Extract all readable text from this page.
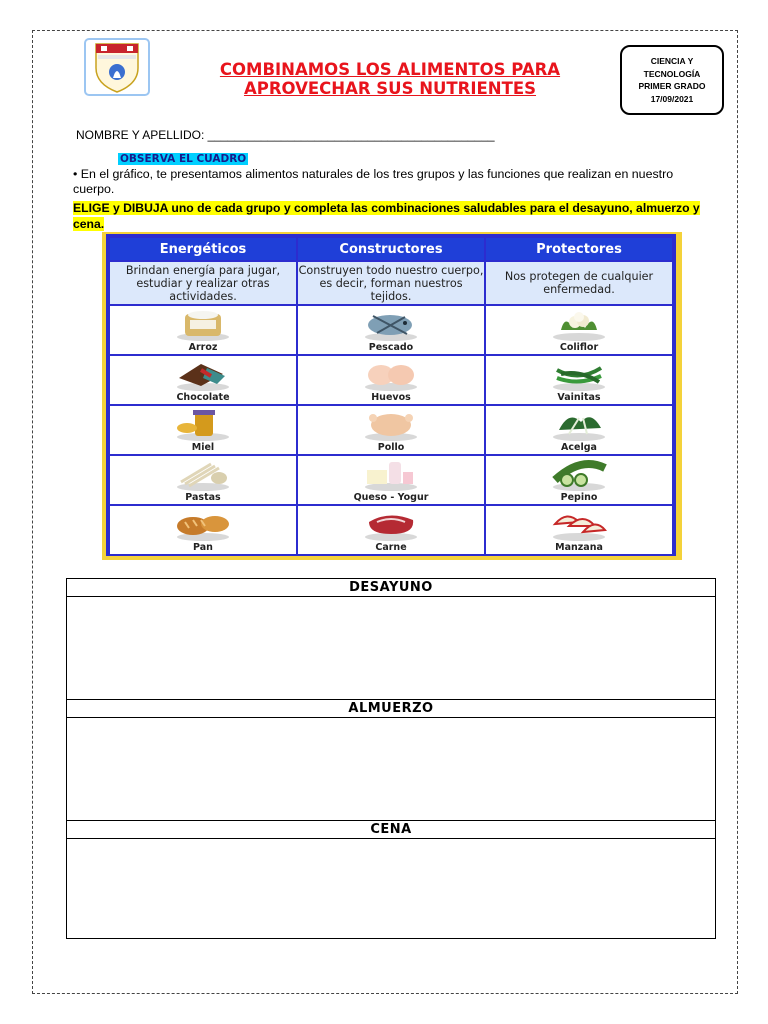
COMBINAMOS LOS ALIMENTOS PARA
APROVECHAR SUS NUTRIENTES
CIENCIA Y
TECNOLOGÍA
PRIMER GRADO
17/09/2021
NOMBRE Y APELLIDO: ___________________________________________
OBSERVA EL CUADRO
• En el gráfico, te presentamos alimentos naturales de los tres grupos y las funciones que realizan en nuestro cuerpo.
ELIGE y DIBUJA uno de cada grupo y completa las combinaciones saludables para el desayuno, almuerzo y cena.
Energéticos	Constructores	Protectores
Brindan energía para jugar, estudiar y realizar otras actividades.	Construyen todo nuestro cuerpo, es decir, forman nuestros tejidos.	Nos protegen de cualquier enfermedad.

Arroz	Pescado	Coliflor

Chocolate	Huevos	Vainitas

Miel	Pollo	Acelga

Pastas	Queso - Yogur	Pepino

Pan	Carne	Manzana
DESAYUNO
ALMUERZO
CENA
